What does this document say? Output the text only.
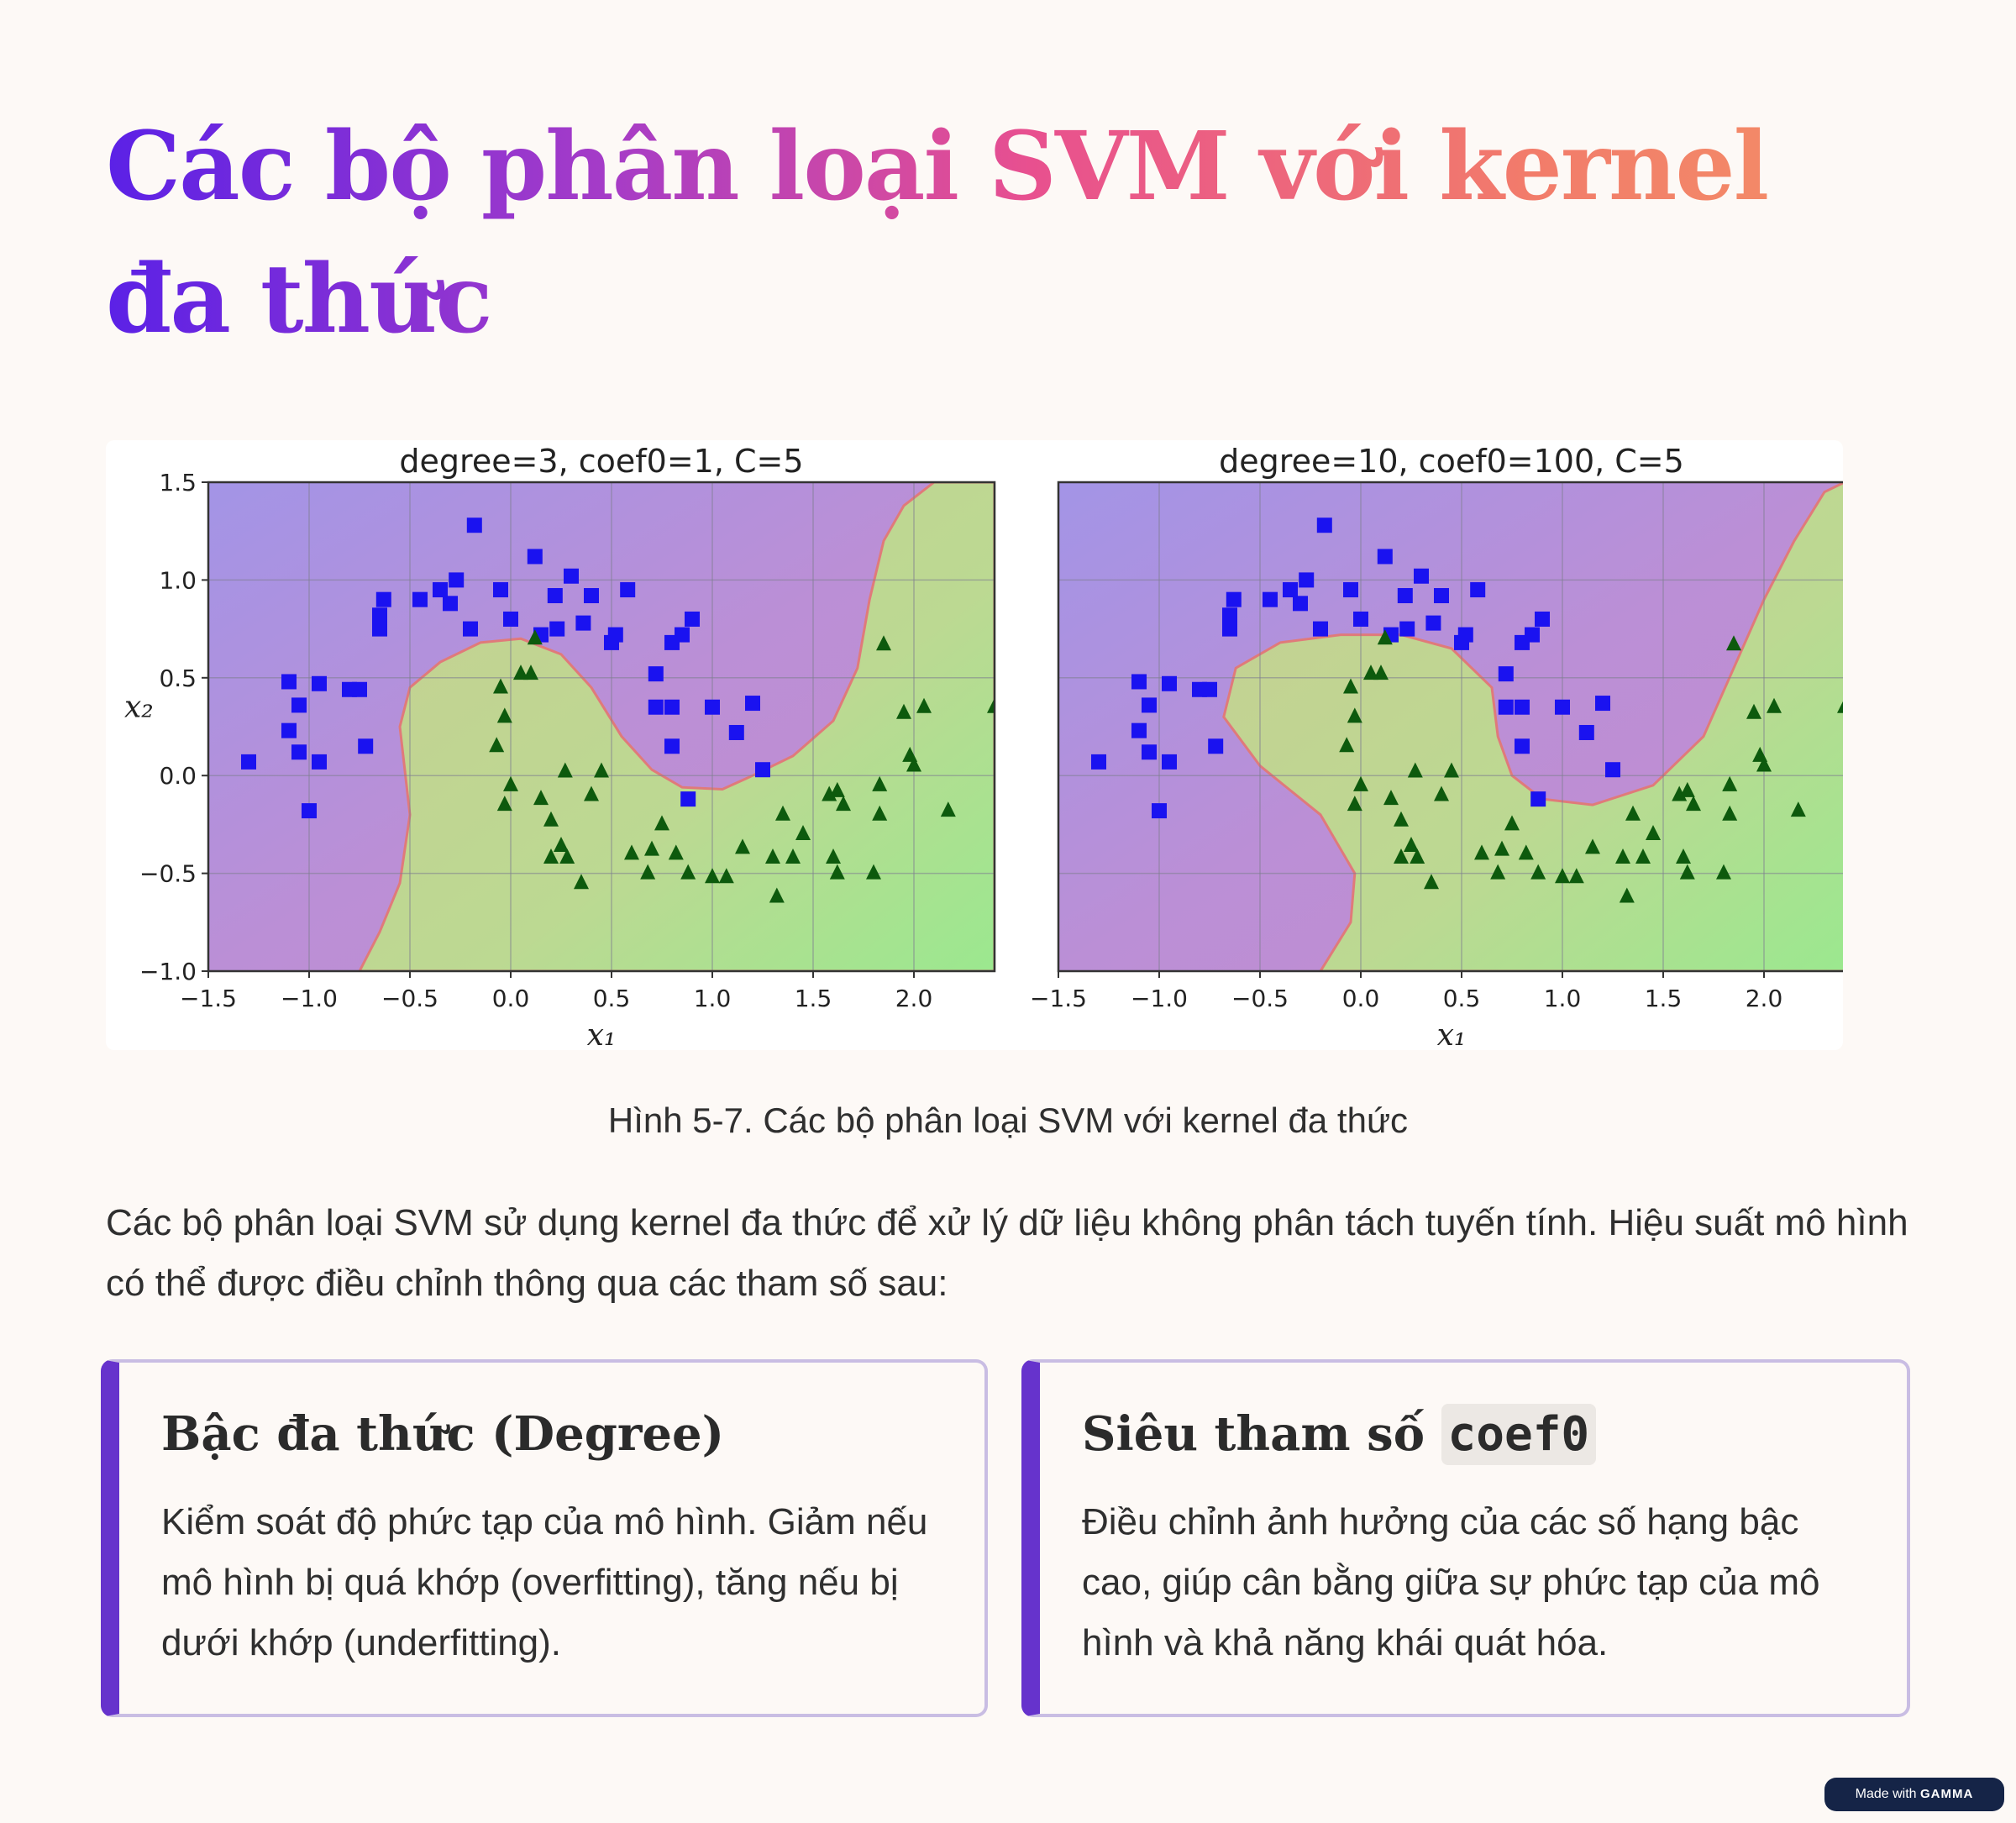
Các bộ phân loại SVM với kernel đa thức
−1.5 −1.0 −0.5 0.0	0.5	1.0	1.5	2.0
−1.0
−0.5
0.0
0.5
1.0
1.5
degree=3, coef0=1, C=5
x₁
x₂
−1.5 −1.0 −0.5 0.0	0.5	1.0	1.5	2.0
degree=10, coef0=100, C=5
x₁
Hình 5-7. Các bộ phân loại SVM với kernel đa thức

Các bộ phân loại SVM sử dụng kernel đa thức để xử lý dữ liệu không phân tách tuyến tính. Hiệu suất mô hình có thể được điều chỉnh thông qua các tham số sau:

Bậc đa thức (Degree)

Kiểm soát độ phức tạp của mô hình. Giảm nếu mô hình bị quá khớp (overfitting), tăng nếu bị dưới khớp (underfitting).

Siêu tham số coef0

Điều chỉnh ảnh hưởng của các số hạng bậc cao, giúp cân bằng giữa sự phức tạp của mô hình và khả năng khái quát hóa.

Made with GAMMA
